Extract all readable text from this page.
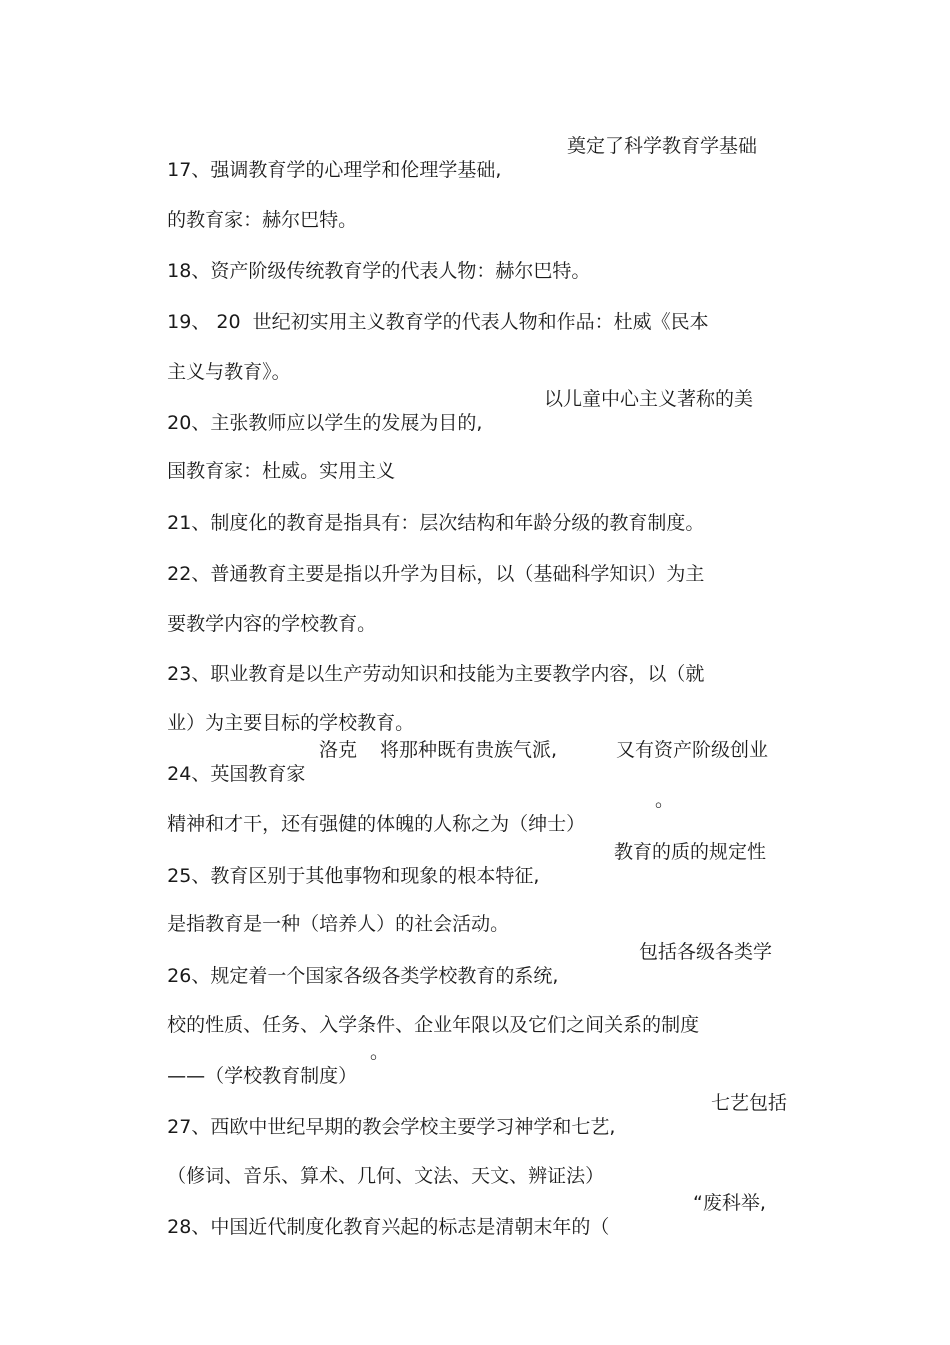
17、强调教育学的心理学和伦理学基础,

奠定了科学教育学基础

的教育家：赫尔巴特。

18、资产阶级传统教育学的代表人物：赫尔巴特。

19、 20  世纪初实用主义教育学的代表人物和作品：杜威《民本

主义与教育》。

20、主张教师应以学生的发展为目的,

以儿童中心主义著称的美

国教育家：杜威。实用主义

21、制度化的教育是指具有：层次结构和年龄分级的教育制度。

22、普通教育主要是指以升学为目标，以（基础科学知识）为主

要教学内容的学校教育。

23、职业教育是以生产劳动知识和技能为主要教学内容，以（就

业）为主要目标的学校教育。

24、英国教育家

洛克

将那种既有贵族气派,

	又有资产阶级创业

精神和才干，还有强健的体魄的人称之为（绅士）

。

25、教育区别于其他事物和现象的根本特征,

教育的质的规定性

是指教育是一种（培养人）的社会活动。

26、规定着一个国家各级各类学校教育的系统,

包括各级各类学

校的性质、任务、入学条件、企业年限以及它们之间关系的制度

——（学校教育制度）

。

27、西欧中世纪早期的教会学校主要学习神学和七艺,

七艺包括

（修词、音乐、算术、几何、文法、天文、辨证法）

28、中国近代制度化教育兴起的标志是清朝末年的（

“废科举,
